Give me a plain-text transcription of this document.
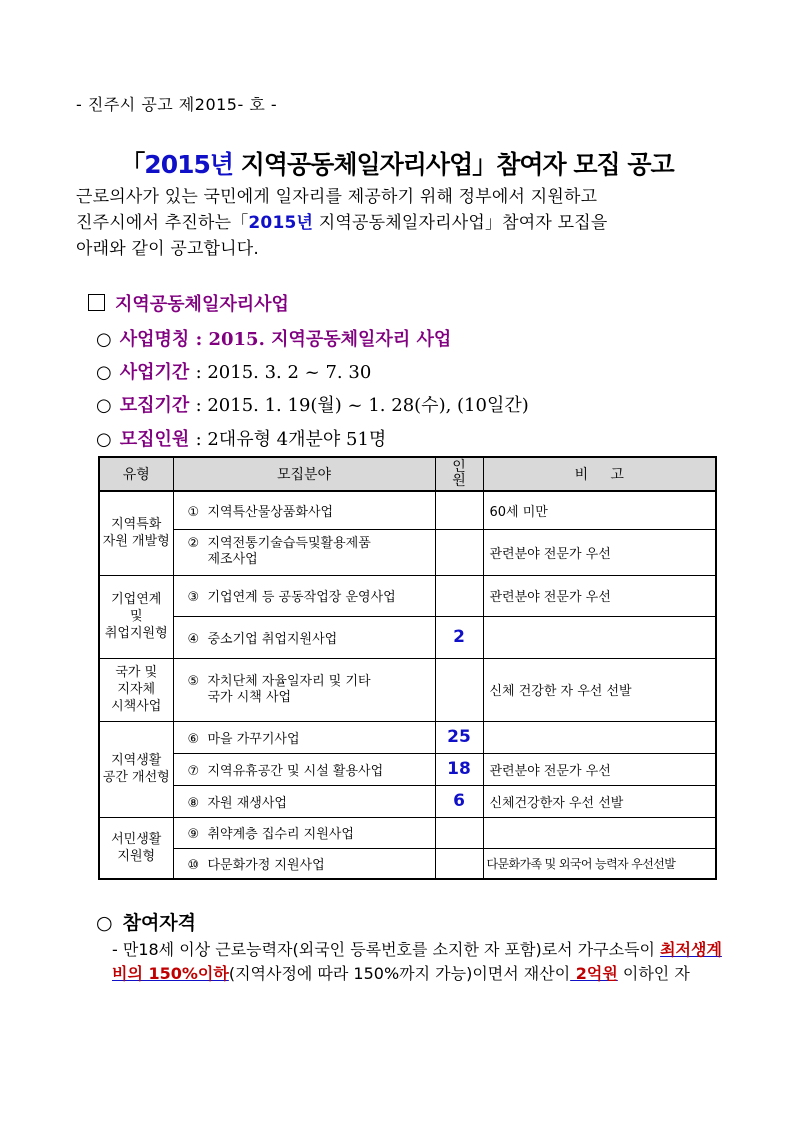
- 진주시 공고 제2015- 호 -
「2015년 지역공동체일자리사업」참여자 모집 공고
근로의사가 있는 국민에게 일자리를 제공하기 위해 정부에서 지원하고
진주시에서 추진하는「2015년 지역공동체일자리사업」참여자 모집을
아래와 같이 공고합니다.
지역공동체일자리사업
○ 사업명칭 : 2015. 지역공동체일자리 사업
○ 사업기간 : 2015. 3. 2 ~ 7. 30
○ 모집기간 : 2015. 1. 19(월) ~ 1. 28(수), (10일간)
○ 모집인원 : 2대유형 4개분야 51명
유형	모집분야	인원	비     고
지역특화
자원 개발형	① 지역특산물상품화사업		60세 미만
	② 지역전통기술습득및활용제품
제조사업		관련분야 전문가 우선
기업연계
및
취업지원형	③ 기업연계 등 공동작업장 운영사업		관련분야 전문가 우선
	④ 중소기업 취업지원사업	2	
국가 및
지자체
시책사업	⑤ 자치단체 자율일자리 및 기타
국가 시책 사업		신체 건강한 자 우선 선발
지역생활
공간 개선형	⑥ 마을 가꾸기사업	25	
	⑦ 지역유휴공간 및 시설 활용사업	18	관련분야 전문가 우선
	⑧ 자원 재생사업	6	신체건강한자 우선 선발
서민생활
지원형	⑨ 취약계층 집수리 지원사업		
	⑩ 다문화가정 지원사업		다문화가족 및 외국어 능력자 우선선발
○ 참여자격
- 만18세 이상 근로능력자(외국인 등록번호를 소지한 자 포함)로서 가구소득이 최저생계비의 150%이하(지역사정에 따라 150%까지 가능)이면서 재산이 2억원 이하인 자
